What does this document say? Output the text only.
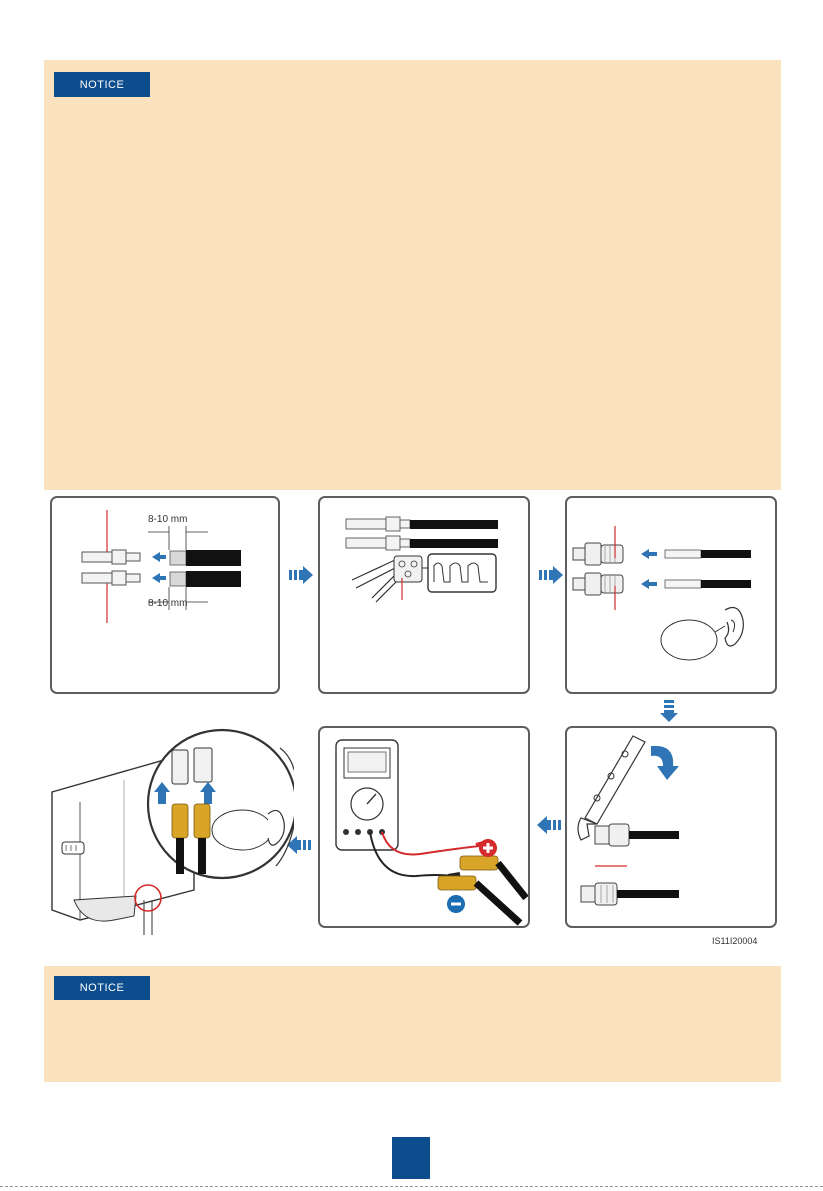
NOTICE
8-10 mm
8-10 mm
IS11I20004
NOTICE
